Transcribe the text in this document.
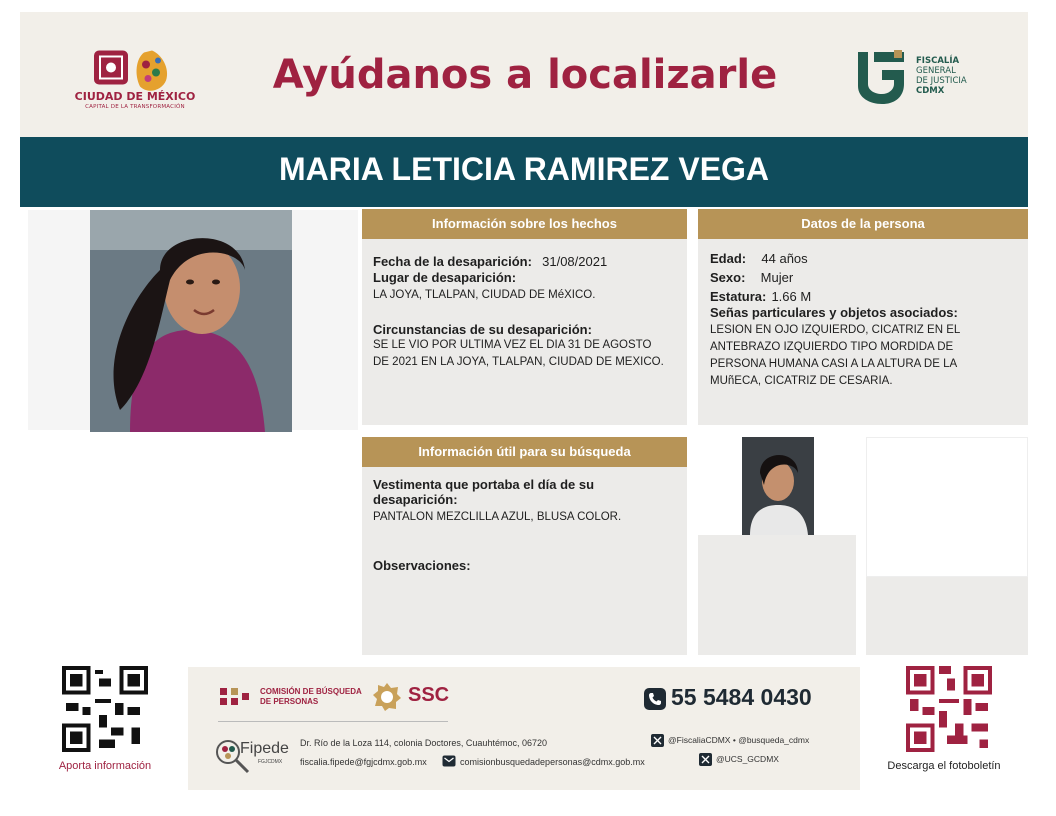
CIUDAD DE MÉXICO
CAPITAL DE LA TRANSFORMACIÓN
Ayúdanos a localizarle	FISCALÍA
GENERAL
DE JUSTICIA
CDMX
MARIA LETICIA RAMIREZ VEGA
Información sobre los hechos
Fecha de la desaparición: 31/08/2021
Lugar de desaparición:
LA JOYA, TLALPAN, CIUDAD DE MéXICO.
Circunstancias de su desaparición:
SE LE VIO POR ULTIMA VEZ EL DIA 31 DE AGOSTO
DE 2021 EN LA JOYA, TLALPAN, CIUDAD DE MEXICO.
Datos de la persona
Edad: 44 años
Sexo: Mujer
Estatura: 1.66 M
Señas particulares y objetos asociados:
LESION EN OJO IZQUIERDO, CICATRIZ EN EL
ANTEBRAZO IZQUIERDO TIPO MORDIDA DE
PERSONA HUMANA CASI A LA ALTURA DE LA
MUñECA, CICATRIZ DE CESARIA.
Información útil para su búsqueda
Vestimenta que portaba el día de su
desaparición:
PANTALON MEZCLILLA AZUL, BLUSA COLOR.
Observaciones:
Aporta información
COMISIÓN DE BÚSQUEDA
DE PERSONAS	SSC	55 5484 0430
Fipede
FGJCDMX
Dr. Río de la Loza 114, colonia Doctores, Cuauhtémoc, 06720
fiscalia.fipede@fgjcdmx.gob.mx	comisionbusquedadepersonas@cdmx.gob.mx
@FiscaliaCDMX • @busqueda_cdmx
@UCS_GCDMX
Descarga el fotoboletín
